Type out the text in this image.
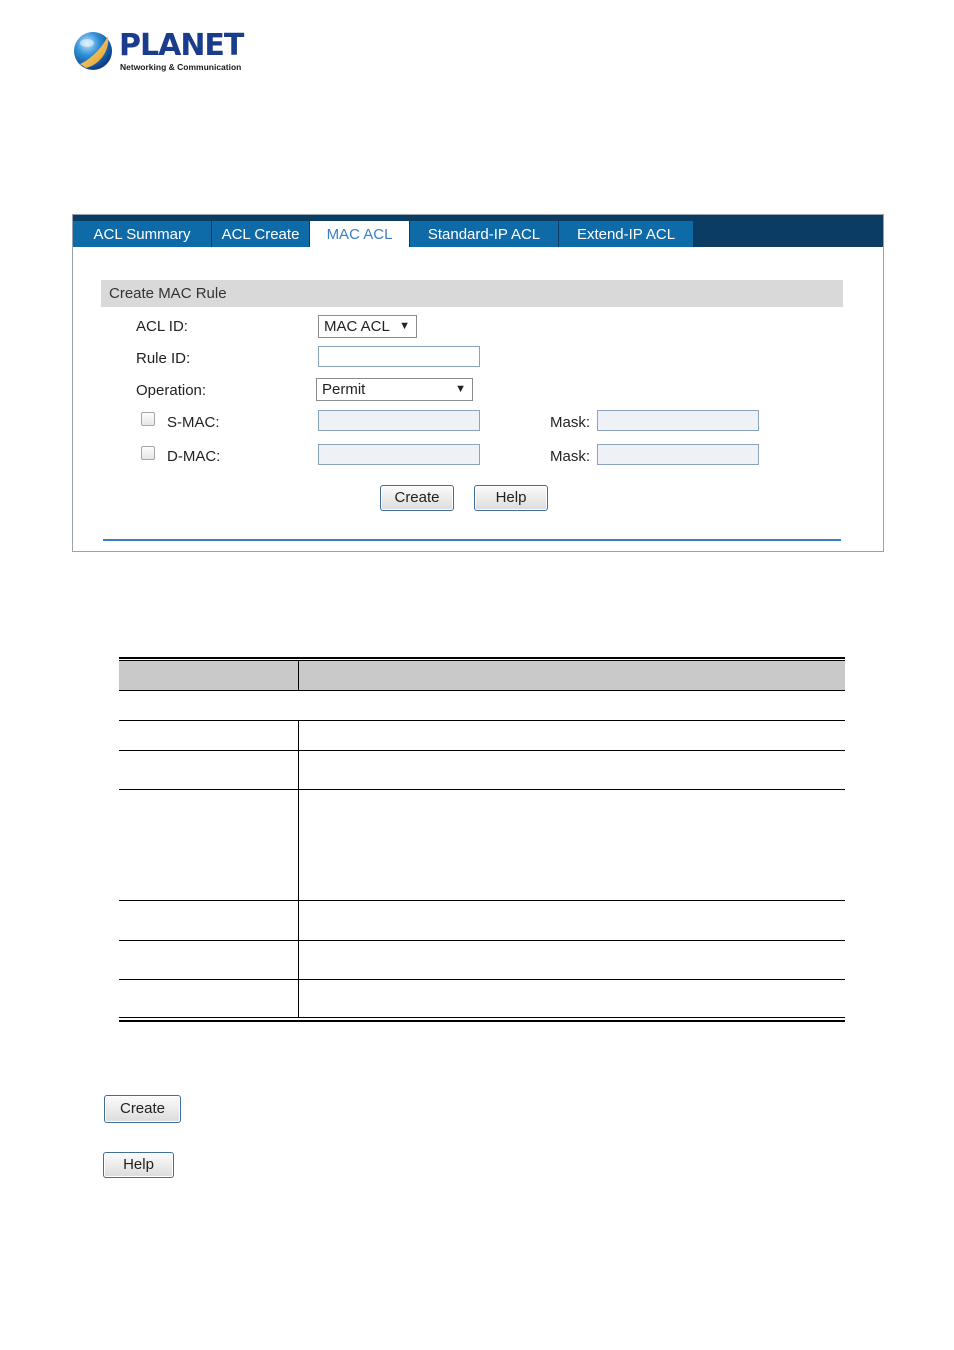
PLANET
Networking & Communication
ACL Summary	ACL Create	MAC ACL	Standard-IP ACL	Extend-IP ACL
Create MAC Rule
ACL ID:	MAC ACL ▼
Rule ID:
Operation:	Permit	▼
S-MAC:	Mask:
D-MAC:	Mask:
Create	Help
Create
Help
